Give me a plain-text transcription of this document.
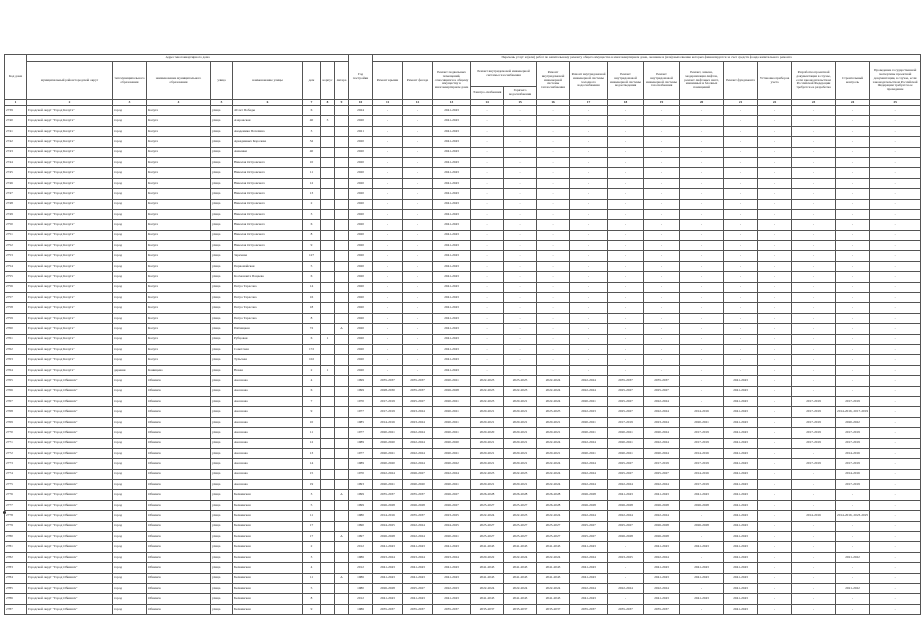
Код дома	Адрес многоквартирного дома								Год постройки	Перечень услуг и (или) работ по капитальному ремонту общего имущества в многоквартирном доме, оказание и (или) выполнение которых финансируется за счет средств фонда капитального ремонта														
	муниципальный район/городской округ	тип муниципального образования	наименование муниципального образования	улица	наименование улицы	дом	корпус	литера		Ремонт крыши	Ремонт фасада	Ремонт подвальных помещений, относящихся к общему имуществу в многоквартирном доме	Ремонт внутридомовой инженерной системы газоснабжения		Ремонт внутридомовой инженерной системы теплоснабжения	Ремонт внутридомовой инженерной системы холодного водоснабжения	Ремонт внутридомовой инженерной системы водоотведения	Ремонт внутридомовой инженерной системы газоснабжения	Ремонт, замена, модернизация лифтов, ремонт лифтовых шахт, машинных и блочных помещений	Ремонт фундамента	Установка приборов учета	Разработка проектной документации в случае, если законодательством Российской Федерации требуется ее разработка	Строительный контроль	Проведение государственной экспертизы проектной документации, в случае, если законодательством Российской Федерации требуется ее проведение
													Электро-снабжения	Горячего водоснабжения										
1	2	3	4	5	6	7	8	9	10	11	12	13	14	15	16	17	18	19	20	21	22	23	24	25
2739	Городской округ "Город Калуга"	город	Калуга	улица	40 лет Победы	6			2024	-	-	2041-2043	-	-	-	-	-	-	-	-	-	-	-	-
2740	Городской округ "Город Калуга"	город	Калуга	улица	Азаровская	40	3		2020	-	-	2041-2043	-	-	-	-	-	-	-	-	-	-	-	-
2741	Городской округ "Город Калуга"	город	Калуга	улица	Академика Потехина	3			2021	-	-	2041-2043	-	-	-	-	-	-	-	-	-	-	-	-
2742	Городской округ "Город Калуга"	город	Калуга	улица	Аркадиевых Королева	32			2020	-	-	2041-2043	-	-	-	-	-	-	-	-	-	-	-	-
2743	Городской округ "Город Калуга"	город	Калуга	улица	Анненки	40			2020	-	-	2041-2043	-	-	-	-	-	-	-	-	-	-	-	-
2744	Городской округ "Город Калуга"	город	Калуга	улица	Николая Островского	10			2020	-	-	2041-2043	-	-	-	-	-	-	-	-	-	-	-	-
2745	Городской округ "Город Калуга"	город	Калуга	улица	Николая Островского	11			2020	-	-	2041-2043	-	-	-	-	-	-	-	-	-	-	-	-
2746	Городской округ "Город Калуга"	город	Калуга	улица	Николая Островского	12			2020	-	-	2041-2043	-	-	-	-	-	-	-	-	-	-	-	-
2747	Городской округ "Город Калуга"	город	Калуга	улица	Николая Островского	13			2020	-	-	2041-2043	-	-	-	-	-	-	-	-	-	-	-	-
2748	Городской округ "Город Калуга"	город	Калуга	улица	Николая Островского	2			2020	-	-	2041-2043	-	-	-	-	-	-	-	-	-	-	-	-
2749	Городской округ "Город Калуга"	город	Калуга	улица	Николая Островского	3			2020	-	-	2041-2043	-	-	-	-	-	-	-	-	-	-	-	-
2750	Городской округ "Город Калуга"	город	Калуга	улица	Николая Островского	6			2020	-	-	2041-2043	-	-	-	-	-	-	-	-	-	-	-	-
2751	Городской округ "Город Калуга"	город	Калуга	улица	Николая Островского	8			2020	-	-	2041-2043	-	-	-	-	-	-	-	-	-	-	-	-
2752	Городской округ "Город Калуга"	город	Калуга	улица	Николая Островского	9			2020	-	-	2041-2043	-	-	-	-	-	-	-	-	-	-	-	-
2753	Городской округ "Город Калуга"	город	Калуга	улица	Заречная	127			2020	-	-	2041-2043	-	-	-	-	-	-	-	-	-	-	-	-
2754	Городской округ "Город Калуга"	город	Калуга	улица	Первомайская	5			2020	-	-	2041-2043	-	-	-	-	-	-	-	-	-	-	-	-
2755	Городской округ "Город Калуга"	город	Калуга	улица	Космонавта Пацаева	6			2020	-	-	2041-2043	-	-	-	-	-	-	-	-	-	-	-	-
2756	Городской округ "Город Калуга"	город	Калуга	улица	Петра Тарасова	14			2020	-	-	2041-2043	-	-	-	-	-	-	-	-	-	-	-	-
2757	Городской округ "Город Калуга"	город	Калуга	улица	Петра Тарасова	16			2020	-	-	2041-2043	-	-	-	-	-	-	-	-	-	-	-	-
2758	Городской округ "Город Калуга"	город	Калуга	улица	Петра Тарасова	18			2020	-	-	2041-2043	-	-	-	-	-	-	-	-	-	-	-	-
2759	Городской округ "Город Калуга"	город	Калуга	улица	Петра Тарасова	8			2020	-	-	2041-2043	-	-	-	-	-	-	-	-	-	-	-	-
2760	Городской округ "Город Калуга"	город	Калуга	улица	Пятницкая	72		А	2020	-	-	2041-2043	-	-	-	-	-	-	-	-	-	-	-	-
2761	Городской округ "Город Калуга"	город	Калуга	улица	Рубцовая	6	1		2020	-	-	2041-2043	-	-	-	-	-	-	-	-	-	-	-	-
2762	Городской округ "Город Калуга"	город	Калуга	улица	Советская	172			2020	-	-	2041-2043	-	-	-	-	-	-	-	-	-	-	-	-
2763	Городской округ "Город Калуга"	город	Калуга	улица	Тульская	102			2020	-	-	2041-2043	-	-	-	-	-	-	-	-	-	-	-	-
2764	Городской округ "Город Калуга"	деревня	Канищево	улица	Новая	2	1		2020	-	-	2041-2043	-	-	-	-	-	-	-	-	-	-	-	-
2765	Городской округ "Город Обнинск"	город	Обнинск	улица	Аксенова	4			1999	2035-2037	2035-2037	2020-2021	2022-2023	2023-2025	2022-2024	2022-2024	2035-2037	2035-2037	-	2041-2043	-	-	-	-
2766	Городской округ "Город Обнинск"	город	Обнинск	улица	Аксенова	6			1999	2028-2030	2035-2037	2026-2028	2022-2023	2022-2023	2022-2024	2022-2024	2025-2027	2025-2027	-	2041-2043	-	-	-	-
2767	Городской округ "Город Обнинск"	город	Обнинск	улица	Аксенова	7			1970	2017-2019	2025-2027	2020-2021	2022-2023	2020-2021	2022-2024	2020-2021	2025-2027	2022-2024	-	2041-2043	-	2017-2019	2017-2019	-
2768	Городской округ "Город Обнинск"	город	Обнинск	улица	Аксенова	9			1977	2017-2019	2023-2024	2020-2021	2020-2021	2020-2021	2023-2025	2022-2023	2025-2027	2022-2024	2014-2016	2041-2043	-	2017-2019	2014-2016, 2017-2019	-
2769	Городской округ "Город Обнинск"	город	Обнинск	улица	Аксенова	10			1985	2014-2016	2023-2024	2020-2021	2020-2021	2020-2021	2020-2021	2020-2021	2017-2019	2023-2024	2020-2021	2041-2043	-	2017-2019	2020-2022	-
2770	Городской округ "Город Обнинск"	город	Обнинск	улица	Аксенова	11			1977	2020-2021	2022-2024	2020-2021	2020-2020	2020-2021	2020-2021	2020-2021	2020-2021	2020-2024	2017-2019	2041-2043	-	2017-2019	2017-2019	-
2771	Городской округ "Город Обнинск"	город	Обнинск	улица	Аксенова	12			1989	2020-2020	2022-2024	2020-2020	2020-2021	2020-2021	2022-2024	2022-2024	2020-2021	2022-2024	2017-2019	2041-2043	-	2017-2019	2017-2019	-
2772	Городской округ "Город Обнинск"	город	Обнинск	улица	Аксенова	13			1977	2020-2021	2022-2024	2020-2021	2020-2021	2020-2021	2020-2021	2020-2021	2020-2021	2020-2024	2014-2016	2041-2043	-	-	2014-2016	-
2773	Городской округ "Город Обнинск"	город	Обнинск	улица	Аксенова	14			1989	2020-2020	2022-2024	2020-2022	2020-2021	2020-2021	2022-2024	2022-2024	2025-2027	2017-2019	2017-2019	2041-2043	-	2017-2019	2017-2019	-
2774	Городской округ "Город Обнинск"	город	Обнинск	улица	Аксенова	15			1970	2022-2024	2026-2027	2022-2024	2022-2023	2022-2023	2022-2024	2022-2024	2025-2027	2025-2027	2014-2016	2041-2043	-	-	2014-2016	-
2775	Городской округ "Город Обнинск"	город	Обнинск	улица	Аксенова	19			1993	2020-2021	2020-2020	2020-2021	2020-2021	2020-2021	2022-2024	2022-2024	2022-2024	2022-2024	2017-2019	2041-2043	-	-	2017-2019	-
2776	Городской округ "Город Обнинск"	город	Обнинск	улица	Белкинская	3		А	1999	2035-2037	2035-2037	2026-2027	2026-2028	2026-2028	2026-2028	2026-2028	2041-2043	2041-2043	2041-2043	2041-2043	-	-	-	-
2777	Городской округ "Город Обнинск"	город	Обнинск	улица	Белкинская	5			1999	2026-2028	2026-2028	2026-2027	2025-2027	2025-2027	2026-2028	2026-2028	2026-2028	2026-2028	2026-2028	2041-2043	-	-	-	-
2778	Городской округ "Город Обнинск"	город	Обнинск	улица	Белкинская	11			1980	2014-2016	2035-2037	2023-2025	2022-2024	2022-2023	2022-2024	2022-2024	2022-2024	2022-2024	-	2041-2043	-	2014-2016	2014-2016, 2023-2025	-
2779	Городской округ "Город Обнинск"	город	Обнинск	улица	Белкинская	17			1990	2024-2025	2022-2024	2024-2025	2025-2027	2025-2027	2025-2027	2025-2027	2025-2027	2026-2028	2026-2028	2041-2043	-	-	-	-
2780	Городской округ "Город Обнинск"	город	Обнинск	улица	Белкинская	17		А	1997	2026-2028	2022-2024	2020-2021	2025-2027	2025-2027	2025-2027	2025-2027	2026-2028	2026-2028	-	2041-2043	-	-	-	-
2781	Городской округ "Город Обнинск"	город	Обнинск	улица	Белкинская	2			2012	2041-2043	2041-2043	2041-2043	2041-2043	2041-2043	2041-2043	2041-2043	-	2041-2043	2041-2043	2041-2043	-	-	-	-
2782	Городской округ "Город Обнинск"	город	Обнинск	улица	Белкинская	3			1986	2023-2024	2023-2024	2023-2024	2020-2022	2022-2024	2022-2024	2022-2024	2023-2025	2022-2024	-	2041-2043	-	-	2021-2022	-
2783	Городской округ "Город Обнинск"	город	Обнинск	улица	Белкинская	4			2012	2041-2043	2041-2043	2041-2043	2041-2043	2041-2043	2041-2043	2041-2043	-	2041-2043	2041-2043	2041-2043	-	-	-	-
2784	Городской округ "Город Обнинск"	город	Обнинск	улица	Белкинская	11		А	1986	2041-2043	2041-2043	2041-2043	2041-2043	2041-2043	2041-2043	2041-2043	-	2041-2043	2041-2043	2041-2043	-	-	-	-
2785	Городской округ "Город Обнинск"	город	Обнинск	улица	Белкинская	5			1980	2026-2028	2025-2027	2022-2023	2022-2024	2022-2024	2022-2024	2022-2024	2022-2024	2022-2024	-	2041-2043	-	-	2021-2022	-
2786	Городской округ "Город Обнинск"	город	Обнинск	улица	Белкинская	8			2012	2041-2043	2041-2043	2041-2043	2041-2043	2041-2043	2041-2043	2041-2043	-	2041-2043	2041-2043	2041-2043	-	-	-	-
2787	Городской округ "Город Обнинск"	город	Обнинск	улица	Белкинская	9			1986	2035-2037	2035-2037	2035-2037	2035-2037	2035-2037	2035-2037	2035-2037	2035-2037	2035-2037	-	2041-2043	-	-	-	-
